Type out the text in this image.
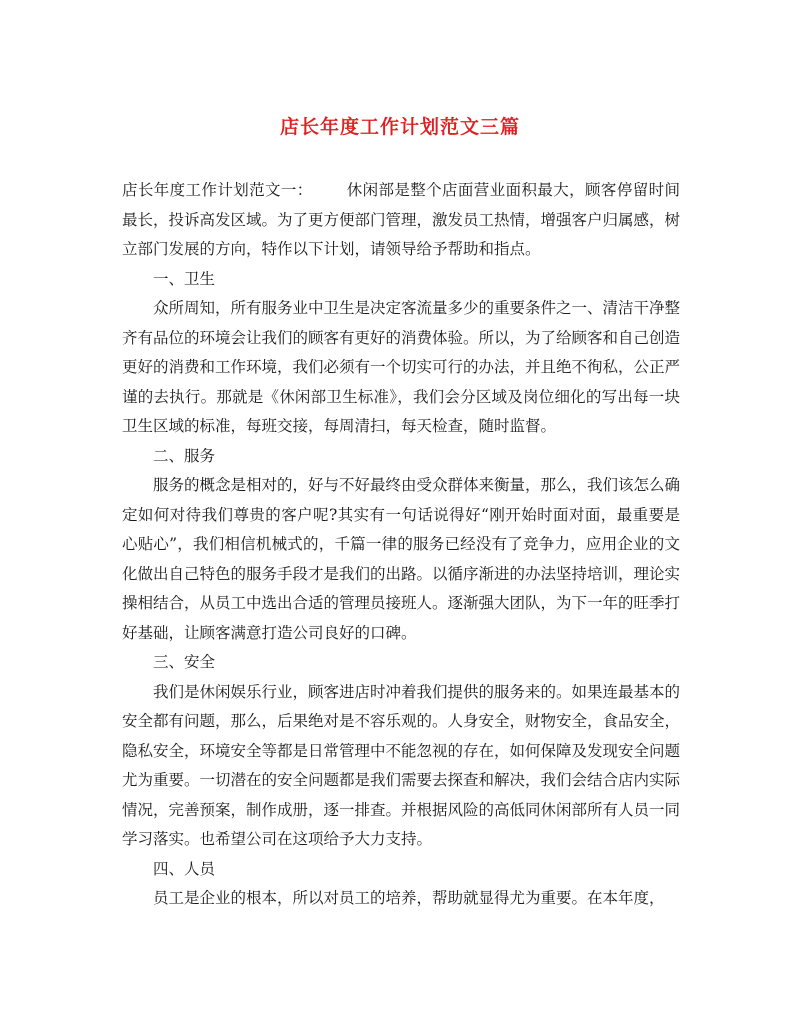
店长年度工作计划范文三篇

店长年度工作计划范文一： 休闲部是整个店面营业面积最大，顾客停留时间最长，投诉高发区域。为了更方便部门管理，激发员工热情，增强客户归属感，树立部门发展的方向，特作以下计划，请领导给予帮助和指点。

一、卫生

众所周知，所有服务业中卫生是决定客流量多少的重要条件之一、清洁干净整齐有品位的环境会让我们的顾客有更好的消费体验。所以，为了给顾客和自己创造更好的消费和工作环境，我们必须有一个切实可行的办法，并且绝不徇私，公正严谨的去执行。那就是《休闲部卫生标准》，我们会分区域及岗位细化的写出每一块卫生区域的标准，每班交接，每周清扫，每天检查，随时监督。

二、服务

服务的概念是相对的，好与不好最终由受众群体来衡量，那么，我们该怎么确定如何对待我们尊贵的客户呢?其实有一句话说得好“刚开始时面对面，最重要是心贴心”，我们相信机械式的，千篇一律的服务已经没有了竞争力，应用企业的文化做出自己特色的服务手段才是我们的出路。以循序渐进的办法坚持培训，理论实操相结合，从员工中选出合适的管理员接班人。逐渐强大团队，为下一年的旺季打好基础，让顾客满意打造公司良好的口碑。

三、安全

我们是休闲娱乐行业，顾客进店时冲着我们提供的服务来的。如果连最基本的安全都有问题，那么，后果绝对是不容乐观的。人身安全，财物安全，食品安全，隐私安全，环境安全等都是日常管理中不能忽视的存在，如何保障及发现安全问题尤为重要。一切潜在的安全问题都是我们需要去探查和解决，我们会结合店内实际情况，完善预案，制作成册，逐一排查。并根据风险的高低同休闲部所有人员一同学习落实。也希望公司在这项给予大力支持。

四、人员

员工是企业的根本，所以对员工的培养，帮助就显得尤为重要。在本年度，
